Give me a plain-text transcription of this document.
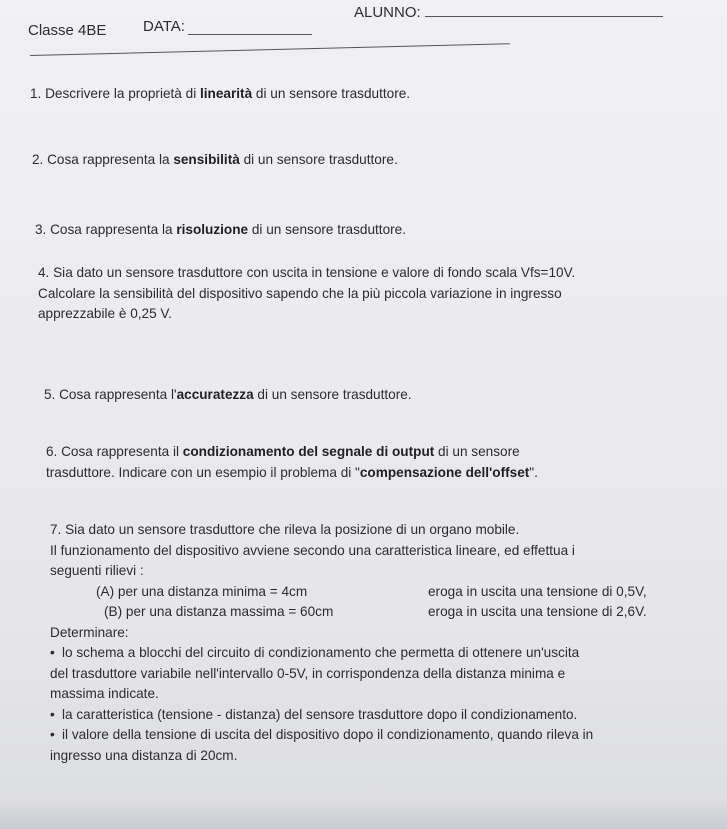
Classe 4BE DATA:
ALUNNO:
1. Descrivere la proprietà di linearità di un sensore trasduttore.
2. Cosa rappresenta la sensibilità di un sensore trasduttore.
3. Cosa rappresenta la risoluzione di un sensore trasduttore.
4. Sia dato un sensore trasduttore con uscita in tensione e valore di fondo scala Vfs=10V.
Calcolare la sensibilità del dispositivo sapendo che la più piccola variazione in ingresso
apprezzabile è 0,25 V.
5. Cosa rappresenta l'accuratezza di un sensore trasduttore.
6. Cosa rappresenta il condizionamento del segnale di output di un sensore
trasduttore. Indicare con un esempio il problema di "compensazione dell'offset".
7. Sia dato un sensore trasduttore che rileva la posizione di un organo mobile.
Il funzionamento del dispositivo avviene secondo una caratteristica lineare, ed effettua i
seguenti rilievi :
(A) per una distanza minima = 4cm	eroga in uscita una tensione di 0,5V,
(B) per una distanza massima = 60cm	eroga in uscita una tensione di 2,6V.
Determinare:
• lo schema a blocchi del circuito di condizionamento che permetta di ottenere un'uscita
del trasduttore variabile nell'intervallo 0-5V, in corrispondenza della distanza minima e
massima indicate.
• la caratteristica (tensione - distanza) del sensore trasduttore dopo il condizionamento.
• il valore della tensione di uscita del dispositivo dopo il condizionamento, quando rileva in
ingresso una distanza di 20cm.
